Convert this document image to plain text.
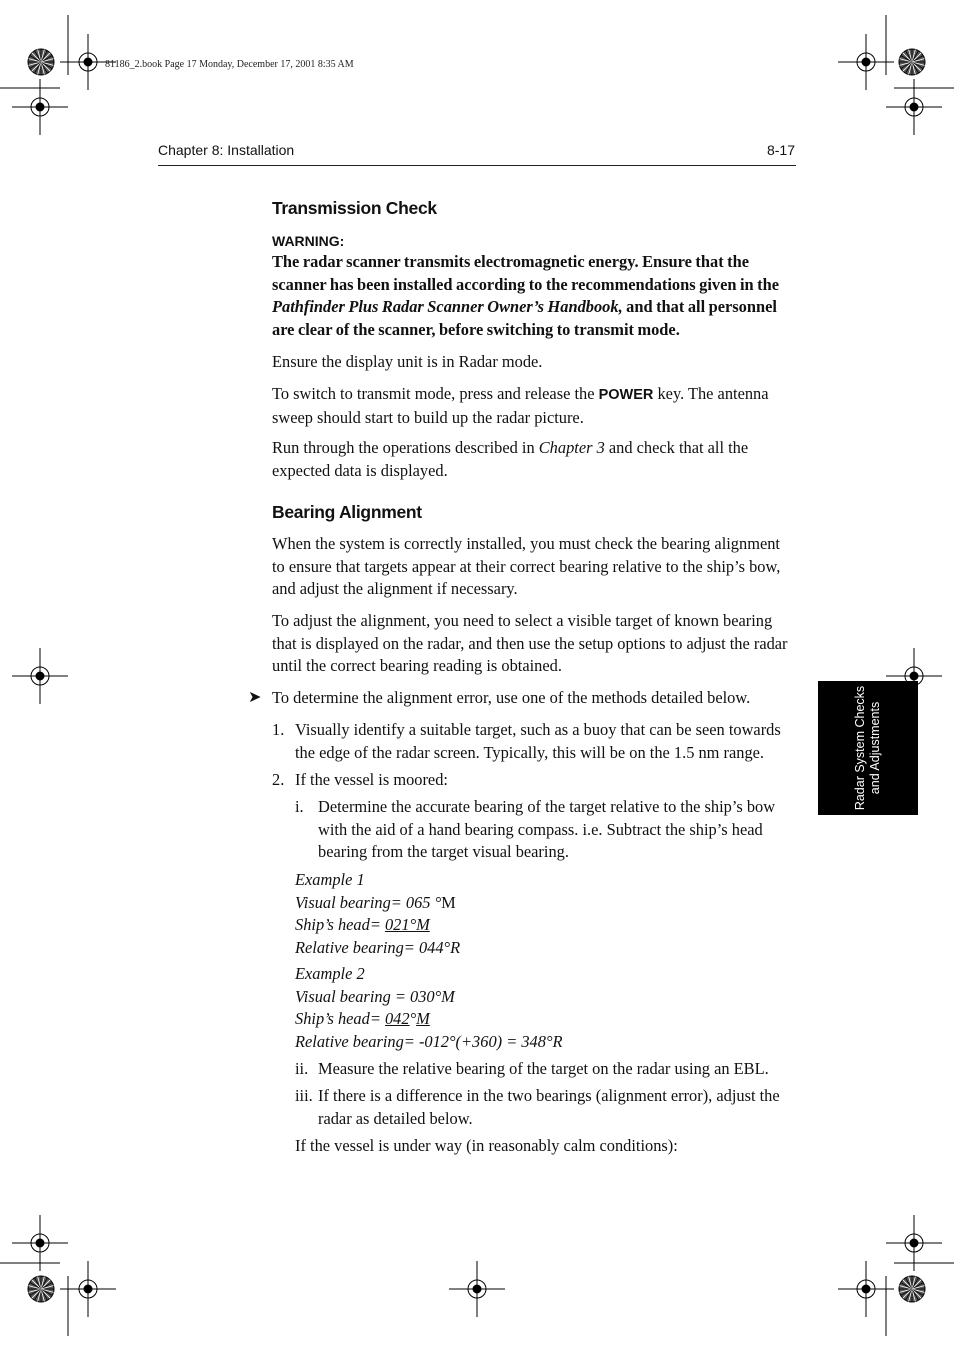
81186_2.book Page 17 Monday, December 17, 2001 8:35 AM
Chapter 8: Installation	8-17
Radar System Checks and Adjustments
Transmission Check
WARNING:

The radar scanner transmits electromagnetic energy. Ensure that the scanner has been installed according to the recommendations given in the Pathfinder Plus Radar Scanner Owner’s Handbook, and that all personnel are clear of the scanner, before switching to transmit mode.

Ensure the display unit is in Radar mode.

To switch to transmit mode, press and release the POWER key. The antenna sweep should start to build up the radar picture.

Run through the operations described in Chapter 3 and check that all the expected data is displayed.

Bearing Alignment

When the system is correctly installed, you must check the bearing alignment to ensure that targets appear at their correct bearing relative to the ship’s bow, and adjust the alignment if necessary.

To adjust the alignment, you need to select a visible target of known bearing that is displayed on the radar, and then use the setup options to adjust the radar until the correct bearing reading is obtained.

➤ To determine the alignment error, use one of the methods detailed below.

1. Visually identify a suitable target, such as a buoy that can be seen towards the edge of the radar screen. Typically, this will be on the 1.5 nm range.

2. If the vessel is moored:

i. Determine the accurate bearing of the target relative to the ship’s bow with the aid of a hand bearing compass. i.e. Subtract the ship’s head bearing from the target visual bearing.

Example 1
Visual bearing= 065 °M
Ship’s head= 021°M
Relative bearing= 044°R
Example 2
Visual bearing = 030°M
Ship’s head= 042°M
Relative bearing= -012°(+360) = 348°R
ii. Measure the relative bearing of the target on the radar using an EBL.

iii. If there is a difference in the two bearings (alignment error), adjust the radar as detailed below.

If the vessel is under way (in reasonably calm conditions):
